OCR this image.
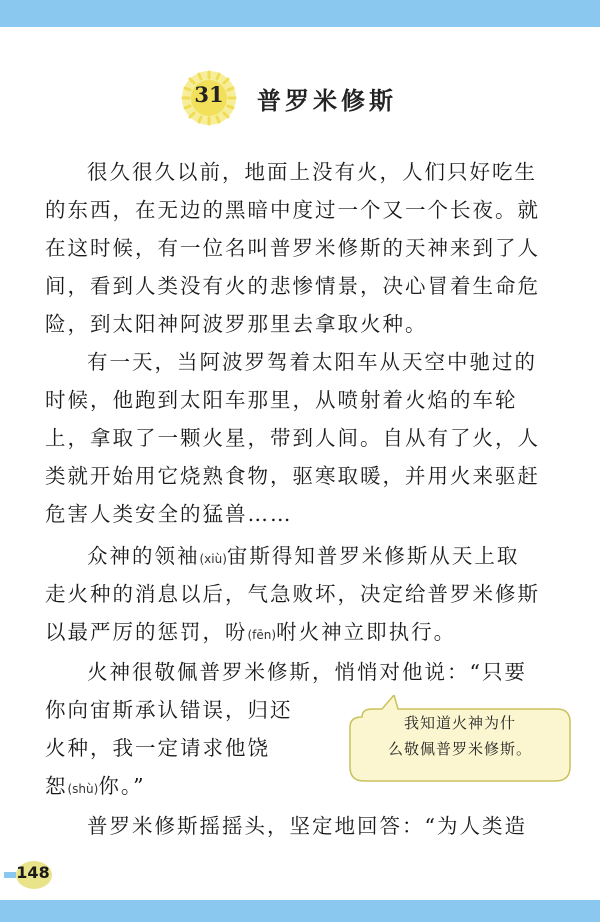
31	普罗米修斯
很久很久以前，地面上没有火，人们只好吃生
的东西，在无边的黑暗中度过一个又一个长夜。就
在这时候，有一位名叫普罗米修斯的天神来到了人
间，看到人类没有火的悲惨情景，决心冒着生命危
险，到太阳神阿波罗那里去拿取火种。
有一天，当阿波罗驾着太阳车从天空中驰过的
时候，他跑到太阳车那里，从喷射着火焰的车轮
上，拿取了一颗火星，带到人间。自从有了火，人
类就开始用它烧熟食物，驱寒取暖，并用火来驱赶
危害人类安全的猛兽……
众神的领袖(xiù)宙斯得知普罗米修斯从天上取
走火种的消息以后，气急败坏，决定给普罗米修斯
以最严厉的惩罚，吩(fēn)咐火神立即执行。
火神很敬佩普罗米修斯，悄悄对他说：“只要
你向宙斯承认错误，归还
火种，我一定请求他饶
恕(shù)你。”
普罗米修斯摇摇头，坚定地回答：“为人类造
我知道火神为什
么敬佩普罗米修斯。
148
